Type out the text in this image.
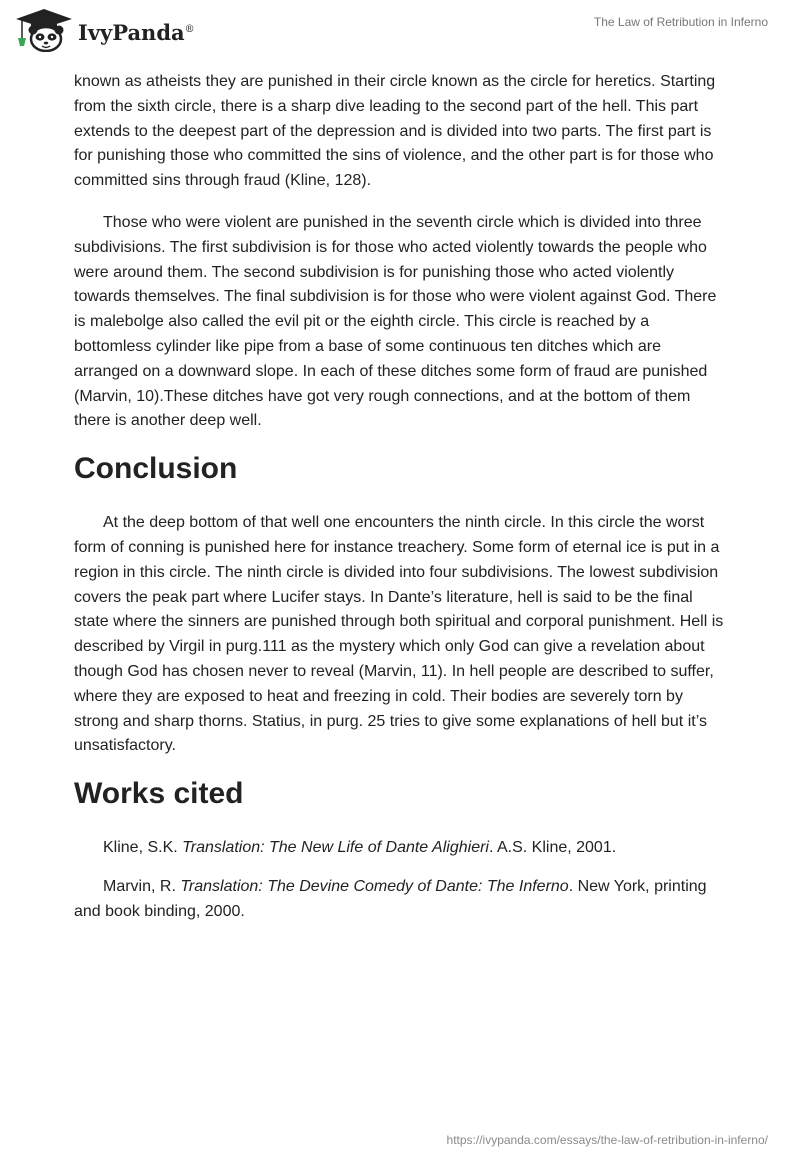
IvyPanda®	The Law of Retribution in Inferno

known as atheists they are punished in their circle known as the circle for heretics. Starting from the sixth circle, there is a sharp dive leading to the second part of the hell. This part extends to the deepest part of the depression and is divided into two parts. The first part is for punishing those who committed the sins of violence, and the other part is for those who committed sins through fraud (Kline, 128).

Those who were violent are punished in the seventh circle which is divided into three subdivisions. The first subdivision is for those who acted violently towards the people who were around them. The second subdivision is for punishing those who acted violently towards themselves. The final subdivision is for those who were violent against God. There is malebolge also called the evil pit or the eighth circle. This circle is reached by a bottomless cylinder like pipe from a base of some continuous ten ditches which are arranged on a downward slope. In each of these ditches some form of fraud are punished (Marvin, 10).These ditches have got very rough connections, and at the bottom of them there is another deep well.

Conclusion

At the deep bottom of that well one encounters the ninth circle. In this circle the worst form of conning is punished here for instance treachery. Some form of eternal ice is put in a region in this circle. The ninth circle is divided into four subdivisions. The lowest subdivision covers the peak part where Lucifer stays. In Dante’s literature, hell is said to be the final state where the sinners are punished through both spiritual and corporal punishment. Hell is described by Virgil in purg.111 as the mystery which only God can give a revelation about though God has chosen never to reveal (Marvin, 11). In hell people are described to suffer, where they are exposed to heat and freezing in cold. Their bodies are severely torn by strong and sharp thorns. Statius, in purg. 25 tries to give some explanations of hell but it’s unsatisfactory.

Works cited

Kline, S.K. Translation: The New Life of Dante Alighieri. A.S. Kline, 2001.

Marvin, R. Translation: The Devine Comedy of Dante: The Inferno. New York, printing and book binding, 2000.

https://ivypanda.com/essays/the-law-of-retribution-in-inferno/
